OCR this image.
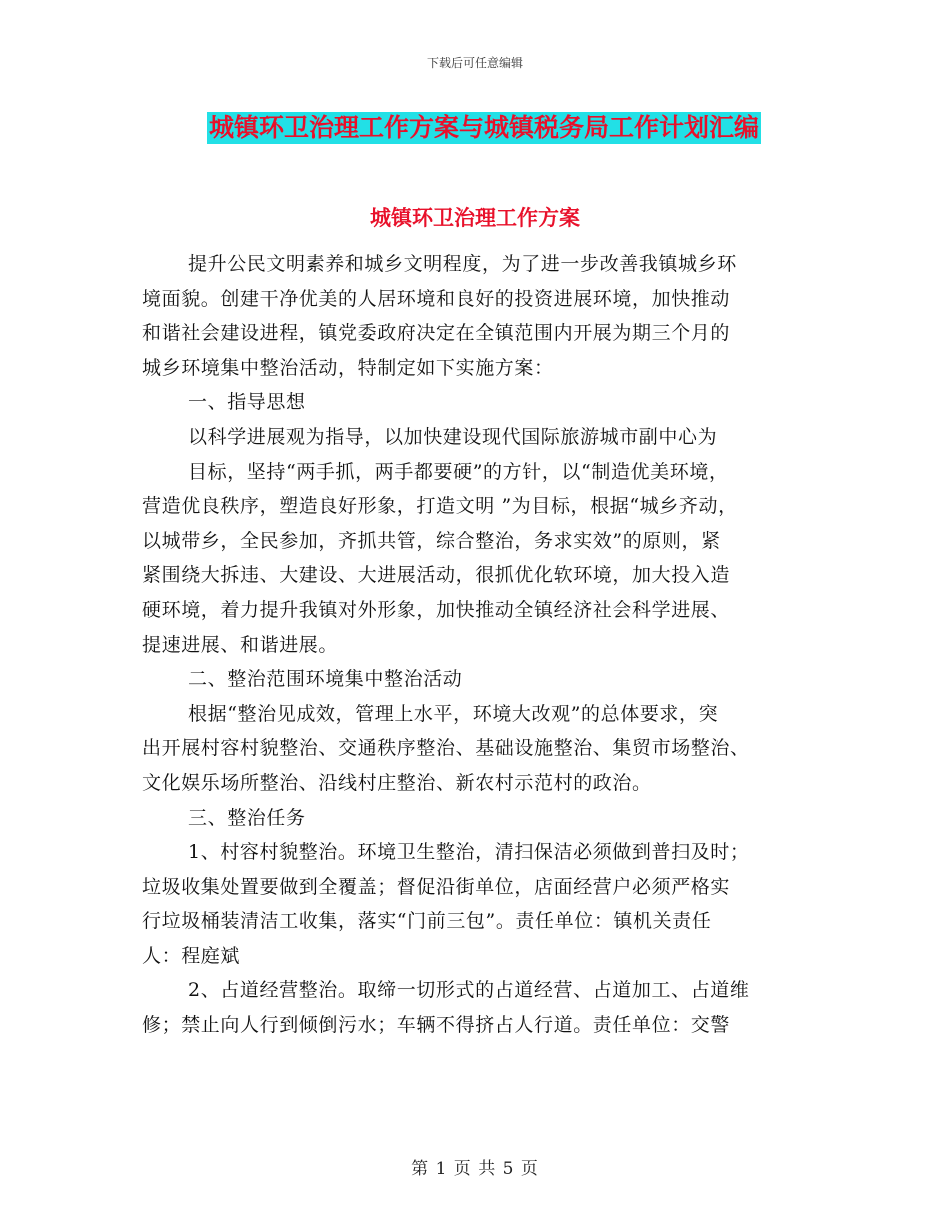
下载后可任意编辑
城镇环卫治理工作方案与城镇税务局工作计划汇编
城镇环卫治理工作方案
提升公民文明素养和城乡文明程度，为了进一步改善我镇城乡环
境面貌。创建干净优美的人居环境和良好的投资进展环境，加快推动
和谐社会建设进程，镇党委政府决定在全镇范围内开展为期三个月的
城乡环境集中整治活动，特制定如下实施方案：
一、指导思想
以科学进展观为指导，以加快建设现代国际旅游城市副中心为
目标，坚持“两手抓，两手都要硬”的方针，以“制造优美环境，
营造优良秩序，塑造良好形象，打造文明 ”为目标，根据“城乡齐动，
以城带乡，全民参加，齐抓共管，综合整治，务求实效”的原则，紧
紧围绕大拆违、大建设、大进展活动，很抓优化软环境，加大投入造
硬环境，着力提升我镇对外形象，加快推动全镇经济社会科学进展、
提速进展、和谐进展。
二、整治范围环境集中整治活动
根据“整治见成效，管理上水平，环境大改观”的总体要求，突
出开展村容村貌整治、交通秩序整治、基础设施整治、集贸市场整治、
文化娱乐场所整治、沿线村庄整治、新农村示范村的政治。
三、整治任务
1、村容村貌整治。环境卫生整治，清扫保洁必须做到普扫及时；
垃圾收集处置要做到全覆盖；督促沿街单位，店面经营户必须严格实
行垃圾桶装清洁工收集，落实“门前三包”。责任单位：镇机关责任
人：程庭斌
2、占道经营整治。取缔一切形式的占道经营、占道加工、占道维
修；禁止向人行到倾倒污水；车辆不得挤占人行道。责任单位：交警
第 1 页 共 5 页
